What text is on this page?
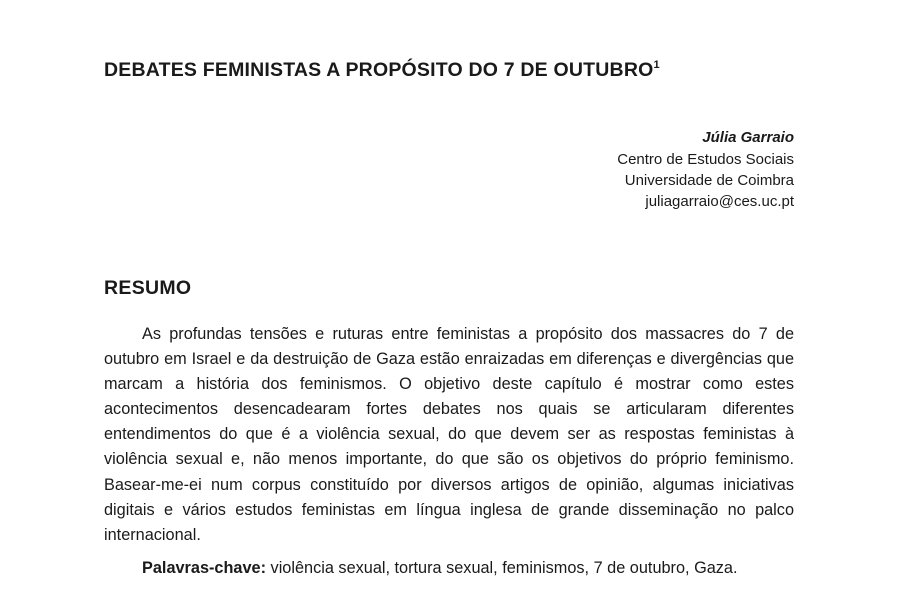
DEBATES FEMINISTAS A PROPÓSITO DO 7 DE OUTUBRO$^1$
Júlia Garraio
Centro de Estudos Sociais
Universidade de Coimbra
juliagarraio@ces.uc.pt
RESUMO

As profundas tensões e ruturas entre feministas a propósito dos massacres do 7 de outubro em Israel e da destruição de Gaza estão enraizadas em diferenças e divergências que marcam a história dos feminismos. O objetivo deste capítulo é mostrar como estes acontecimentos desencadearam fortes debates nos quais se articularam diferentes entendimentos do que é a violência sexual, do que devem ser as respostas feministas à violência sexual e, não menos importante, do que são os objetivos do próprio feminismo. Basear-me-ei num corpus constituído por diversos artigos de opinião, algumas iniciativas digitais e vários estudos feministas em língua inglesa de grande disseminação no palco internacional.

Palavras-chave: violência sexual, tortura sexual, feminismos, 7 de outubro, Gaza.
